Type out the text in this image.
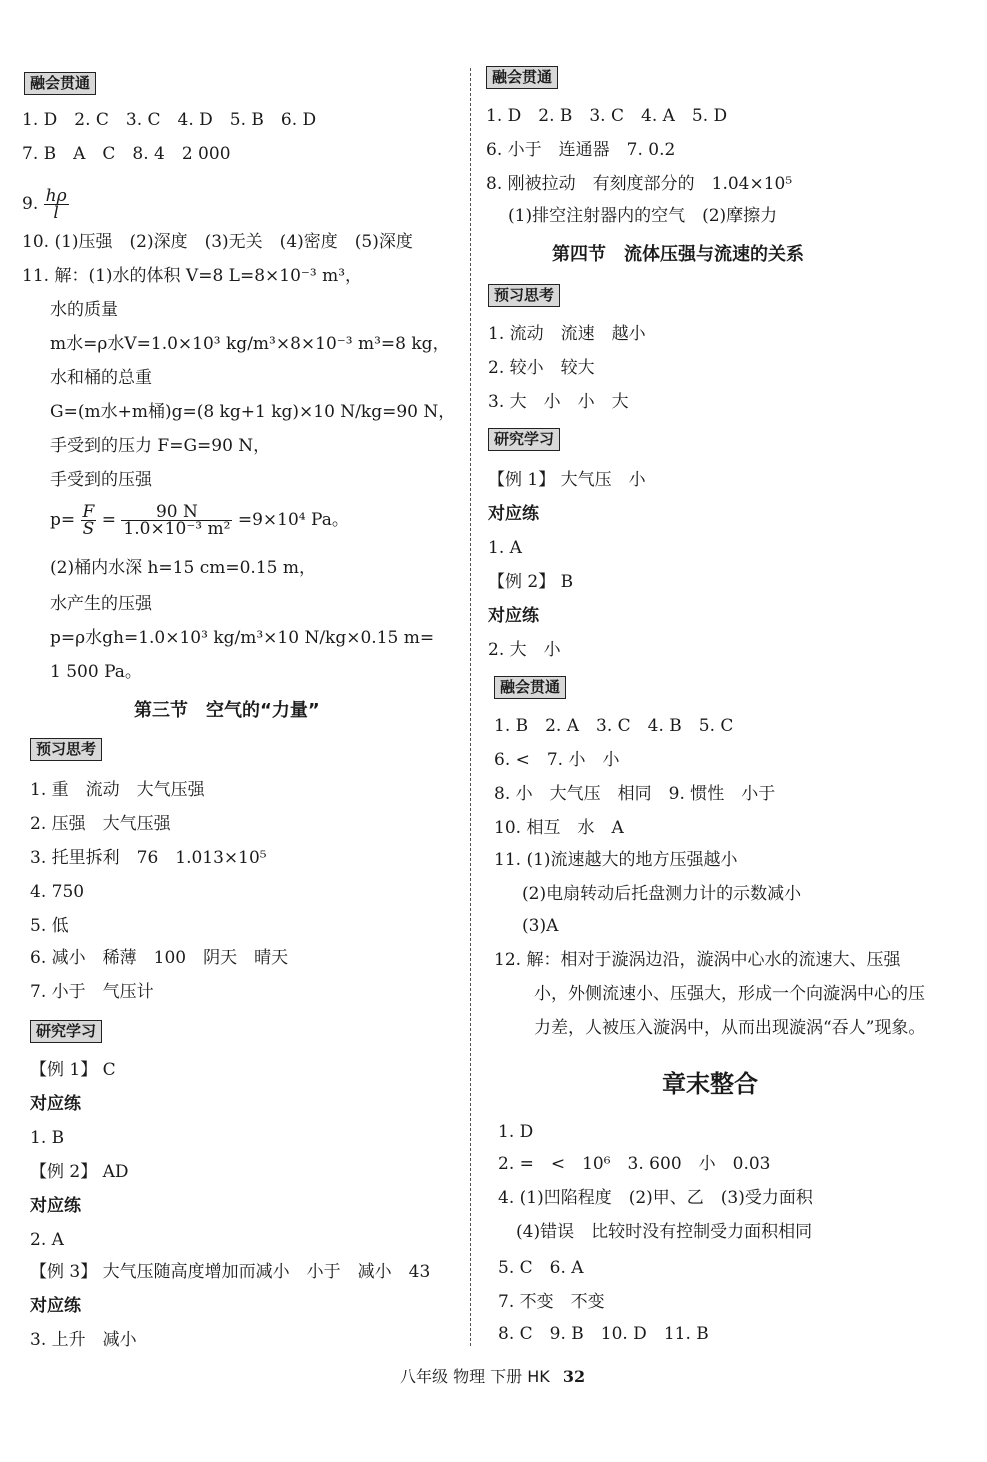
融会贯通
1. D　2. C　3. C　4. D　5. B　6. D
7. B　A　C　8. 4　2 000
9. $\frac{h\rho}{l}$
10. (1)压强　(2)深度　(3)无关　(4)密度　(5)深度
11. 解：(1)水的体积 V=8 L=8×10⁻³ m³，
水的质量
m水=ρ水V=1.0×10³ kg/m³×8×10⁻³ m³=8 kg，
水和桶的总重
G=(m水+m桶)g=(8 kg+1 kg)×10 N/kg=90 N，
手受到的压力 F=G=90 N，
手受到的压强
$p= \frac{F}{S} = \frac{90 N}{\text{1.0×10⁻³ m²}} =9\times 10^4$ Pa。
(2)桶内水深 h=15 cm=0.15 m，
水产生的压强
p=ρ水gh=1.0×10³ kg/m³×10 N/kg×0.15 m=
1 500 Pa。
第三节　空气的“力量”
预习思考
1. 重　流动　大气压强
2. 压强　大气压强
3. 托里拆利　76　1.013×10⁵
4. 750
5. 低
6. 减小　稀薄　100　阴天　晴天
7. 小于　气压计
研究学习
【例 1】 C
对应练
1. B
【例 2】 AD
对应练
2. A
【例 3】 大气压随高度增加而减小　小于　减小　43
对应练
3. 上升　减小
融会贯通
1. D　2. B　3. C　4. A　5. D
6. 小于　连通器　7. 0.2
8. 刚被拉动　有刻度部分的　1.04×10⁵
(1)排空注射器内的空气　(2)摩擦力
第四节　流体压强与流速的关系
预习思考
1. 流动　流速　越小
2. 较小　较大
3. 大　小　小　大
研究学习
【例 1】 大气压　小
对应练
1. A
【例 2】 B
对应练
2. 大　小
融会贯通
1. B　2. A　3. C　4. B　5. C
6. <　7. 小　小
8. 小　大气压　相同　9. 惯性　小于
10. 相互　水　A
11. (1)流速越大的地方压强越小
(2)电扇转动后托盘测力计的示数减小
(3)A
12. 解：相对于漩涡边沿，漩涡中心水的流速大、压强
小，外侧流速小、压强大，形成一个向漩涡中心的压
力差，人被压入漩涡中，从而出现漩涡“吞人”现象。
章末整合
1. D
2. =　<　10⁶　3. 600　小　0.03
4. (1)凹陷程度　(2)甲、乙　(3)受力面积
(4)错误　比较时没有控制受力面积相同
5. C　6. A
7. 不变　不变
8. C　9. B　10. D　11. B
八年级 物理 下册 HK 32
